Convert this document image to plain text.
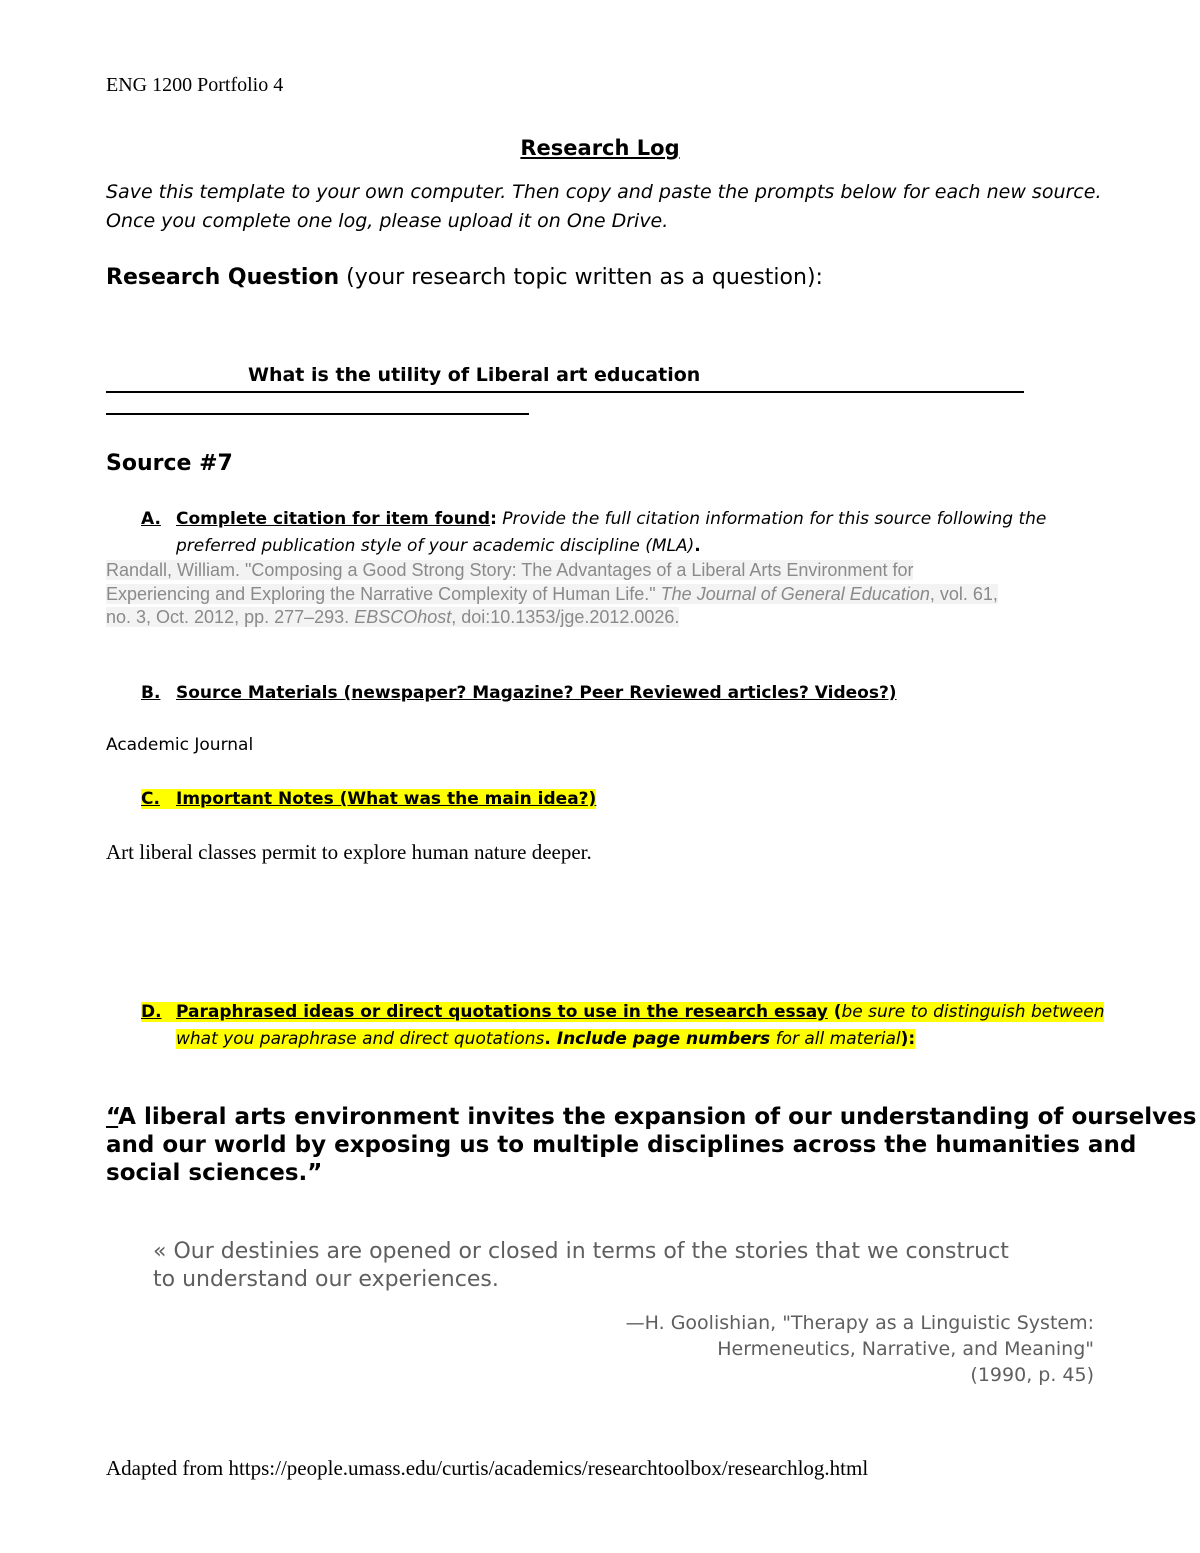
ENG 1200 Portfolio 4
Research Log
Save this template to your own computer. Then copy and paste the prompts below for each new source.
Once you complete one log, please upload it on One Drive.
Research Question (your research topic written as a question):
What is the utility of Liberal art education
Source #7
A. Complete citation for item found: Provide the full citation information for this source following the
preferred publication style of your academic discipline (MLA).
Randall, William. "Composing a Good Strong Story: The Advantages of a Liberal Arts Environment for
Experiencing and Exploring the Narrative Complexity of Human Life." The Journal of General Education, vol. 61,
no. 3, Oct. 2012, pp. 277–293. EBSCOhost, doi:10.1353/jge.2012.0026.
B. Source Materials (newspaper? Magazine? Peer Reviewed articles? Videos?)
Academic Journal
C. Important Notes (What was the main idea?)
Art liberal classes permit to explore human nature deeper.
D. Paraphrased ideas or direct quotations to use in the research essay (be sure to distinguish between
what you paraphrase and direct quotations. Include page numbers for all material):
“A liberal arts environment invites the expansion of our understanding of ourselves
and our world by exposing us to multiple disciplines across the humanities and
social sciences.”
« Our destinies are opened or closed in terms of the stories that we construct
to understand our experiences.
—H. Goolishian, "Therapy as a Linguistic System: Hermeneutics, Narrative, and Meaning"
(1990, p. 45)
Adapted from https://people.umass.edu/curtis/academics/researchtoolbox/researchlog.html
